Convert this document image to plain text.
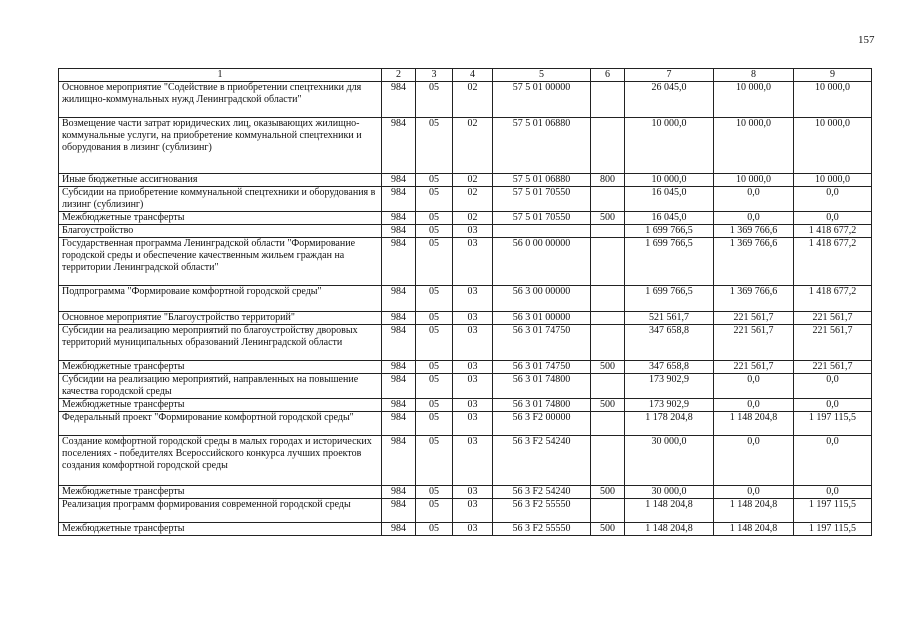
157
1	2	3	4	5	6	7	8	9
Основное мероприятие "Содействие в приобретении спецтехники для жилищно-коммунальных нужд Ленинградской области"	984	05	02	57 5 01 00000		26 045,0	10 000,0	10 000,0
Возмещение части затрат юридических лиц, оказывающих жилищно-коммунальные услуги, на приобретение коммунальной спецтехники и оборудования в лизинг (сублизинг)	984	05	02	57 5 01 06880		10 000,0	10 000,0	10 000,0
Иные бюджетные ассигнования	984	05	02	57 5 01 06880	800	10 000,0	10 000,0	10 000,0
Субсидии на приобретение коммунальной спецтехники и оборудования в лизинг (сублизинг)	984	05	02	57 5 01 70550		16 045,0	0,0	0,0
Межбюджетные трансферты	984	05	02	57 5 01 70550	500	16 045,0	0,0	0,0
Благоустройство	984	05	03			1 699 766,5	1 369 766,6	1 418 677,2
Государственная программа Ленинградской области "Формирование городской среды и обеспечение качественным жильем граждан на территории Ленинградской области"	984	05	03	56 0 00 00000		1 699 766,5	1 369 766,6	1 418 677,2
Подпрограмма "Формироваие комфортной городской среды"	984	05	03	56 3 00 00000		1 699 766,5	1 369 766,6	1 418 677,2
Основное мероприятие "Благоустройство территорий"	984	05	03	56 3 01 00000		521 561,7	221 561,7	221 561,7
Субсидии на реализацию мероприятий по благоустройству дворовых территорий муниципальных образований Ленинградской области	984	05	03	56 3 01 74750		347 658,8	221 561,7	221 561,7
Межбюджетные трансферты	984	05	03	56 3 01 74750	500	347 658,8	221 561,7	221 561,7
Субсидии на реализацию мероприятий, направленных на повышение качества городской среды	984	05	03	56 3 01 74800		173 902,9	0,0	0,0
Межбюджетные трансферты	984	05	03	56 3 01 74800	500	173 902,9	0,0	0,0
Федеральный проект "Формирование комфортной городской среды"	984	05	03	56 3 F2 00000		1 178 204,8	1 148 204,8	1 197 115,5
Создание комфортной городской среды в малых городах и исторических поселениях - победителях Всероссийского конкурса лучших проектов создания комфортной городской среды	984	05	03	56 3 F2 54240		30 000,0	0,0	0,0
Межбюджетные трансферты	984	05	03	56 3 F2 54240	500	30 000,0	0,0	0,0
Реализация программ формирования современной городской среды	984	05	03	56 3 F2 55550		1 148 204,8	1 148 204,8	1 197 115,5
Межбюджетные трансферты	984	05	03	56 3 F2 55550	500	1 148 204,8	1 148 204,8	1 197 115,5
